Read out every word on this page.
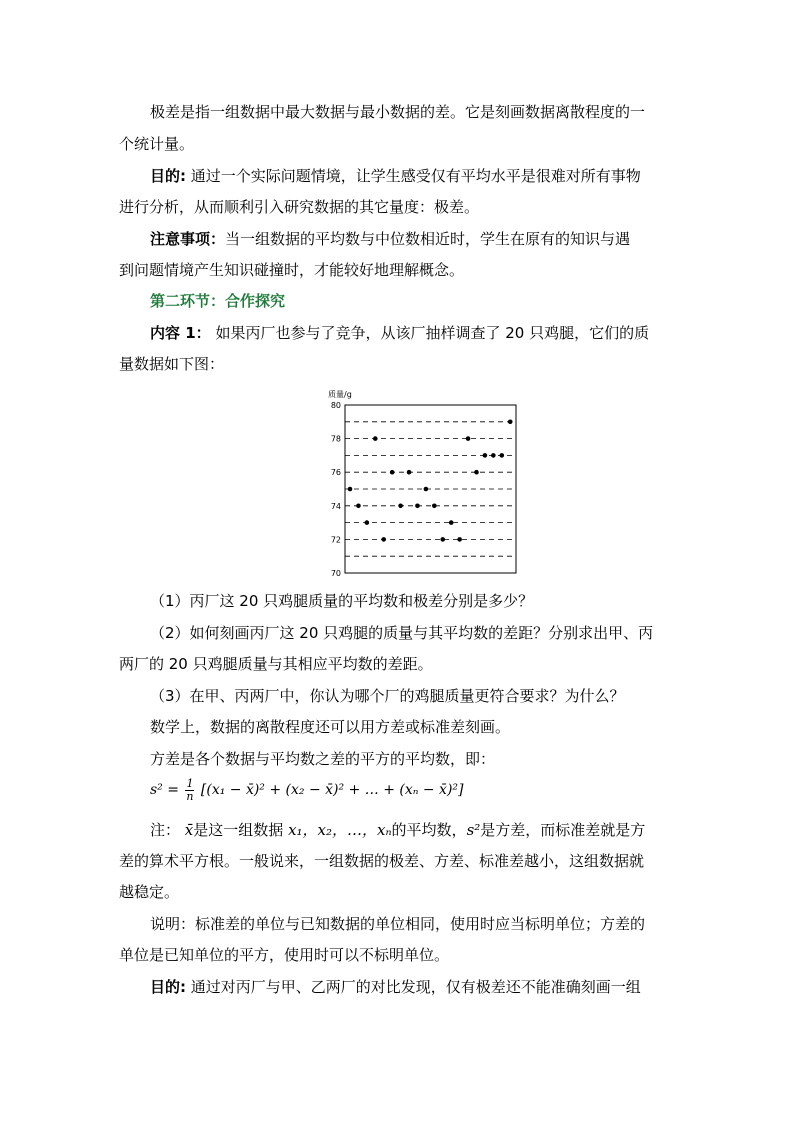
极差是指一组数据中最大数据与最小数据的差。它是刻画数据离散程度的一
个统计量。
目的: 通过一个实际问题情境，让学生感受仅有平均水平是很难对所有事物
进行分析，从而顺利引入研究数据的其它量度：极差。
注意事项：当一组数据的平均数与中位数相近时，学生在原有的知识与遇
到问题情境产生知识碰撞时，才能较好地理解概念。
第二环节：合作探究
内容 1： 如果丙厂也参与了竞争，从该厂抽样调查了 20 只鸡腿，它们的质
量数据如下图：
质量/g
80
78
76
74
72
70
（1）丙厂这 20 只鸡腿质量的平均数和极差分别是多少？
（2）如何刻画丙厂这 20 只鸡腿的质量与其平均数的差距？分别求出甲、丙
两厂的 20 只鸡腿质量与其相应平均数的差距。
（3）在甲、丙两厂中，你认为哪个厂的鸡腿质量更符合要求？为什么？
数学上，数据的离散程度还可以用方差或标准差刻画。
方差是各个数据与平均数之差的平方的平均数，即：
$s^2 = \frac{1}{n} [(x_1$ − x̄)² + (x₂ − x̄)² + … + (xₙ − x̄)²]
注： x̄是这一组数据 x₁，x₂，…，xₙ的平均数，s²是方差，而标准差就是方
差的算术平方根。一般说来，一组数据的极差、方差、标准差越小，这组数据就
越稳定。
说明：标准差的单位与已知数据的单位相同，使用时应当标明单位；方差的
单位是已知单位的平方，使用时可以不标明单位。
目的: 通过对丙厂与甲、乙两厂的对比发现，仅有极差还不能准确刻画一组
